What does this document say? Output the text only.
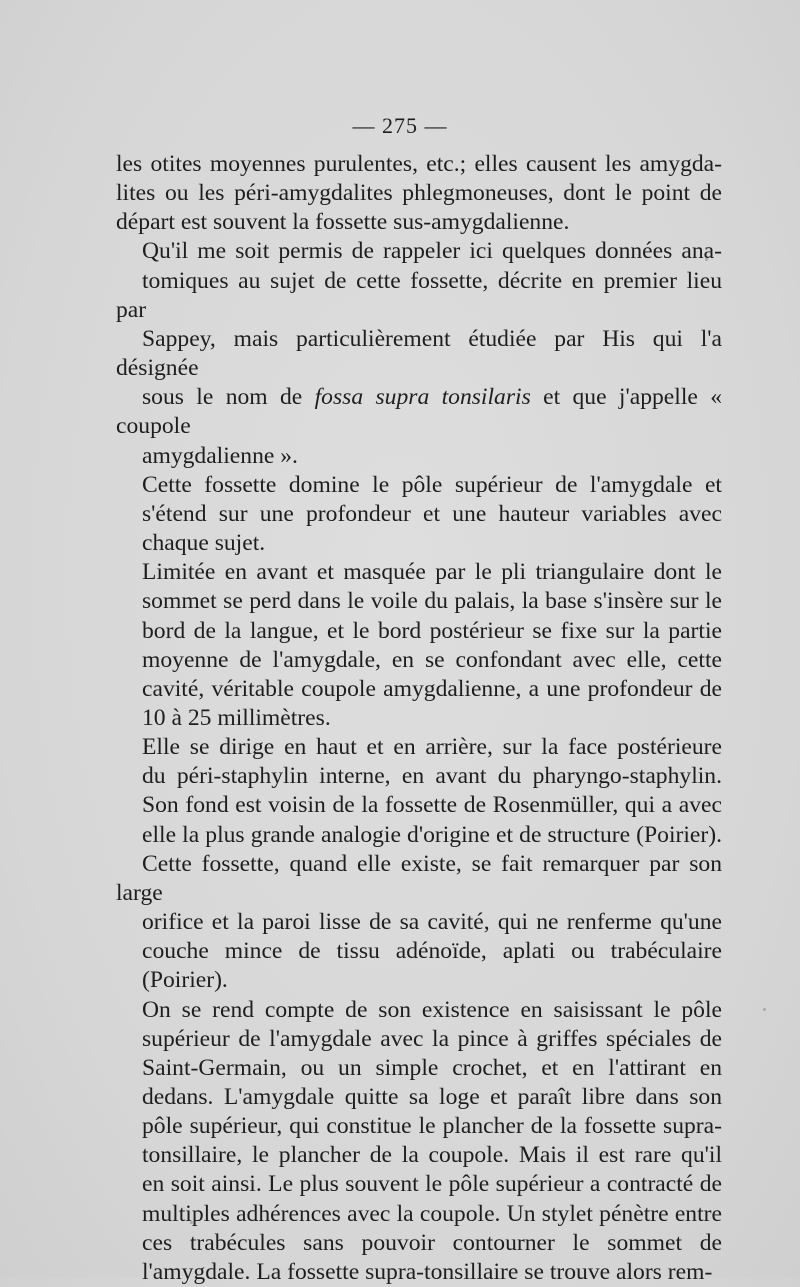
— 275 —

les otites moyennes purulentes, etc.; elles causent les amygda-
lites ou les péri-amygdalites phlegmoneuses, dont le point de
départ est souvent la fossette sus-amygdalienne.

Qu'il me soit permis de rappeler ici quelques données ana-
tomiques au sujet de cette fossette, décrite en premier lieu par
Sappey, mais particulièrement étudiée par His qui l'a désignée
sous le nom de fossa supra tonsilaris et que j'appelle « coupole
amygdalienne ».

Cette fossette domine le pôle supérieur de l'amygdale et
s'étend sur une profondeur et une hauteur variables avec
chaque sujet.

Limitée en avant et masquée par le pli triangulaire dont le
sommet se perd dans le voile du palais, la base s'insère sur le
bord de la langue, et le bord postérieur se fixe sur la partie
moyenne de l'amygdale, en se confondant avec elle, cette
cavité, véritable coupole amygdalienne, a une profondeur de
10 à 25 millimètres.

Elle se dirige en haut et en arrière, sur la face postérieure
du péri-staphylin interne, en avant du pharyngo-staphylin.
Son fond est voisin de la fossette de Rosenmüller, qui a avec
elle la plus grande analogie d'origine et de structure (Poirier).
Cette fossette, quand elle existe, se fait remarquer par son large
orifice et la paroi lisse de sa cavité, qui ne renferme qu'une
couche mince de tissu adénoïde, aplati ou trabéculaire
(Poirier).

On se rend compte de son existence en saisissant le pôle
supérieur de l'amygdale avec la pince à griffes spéciales de
Saint-Germain, ou un simple crochet, et en l'attirant en
dedans. L'amygdale quitte sa loge et paraît libre dans son
pôle supérieur, qui constitue le plancher de la fossette supra-
tonsillaire, le plancher de la coupole. Mais il est rare qu'il
en soit ainsi. Le plus souvent le pôle supérieur a contracté de
multiples adhérences avec la coupole. Un stylet pénètre entre
ces trabécules sans pouvoir contourner le sommet de
l'amygdale. La fossette supra-tonsillaire se trouve alors rem-
